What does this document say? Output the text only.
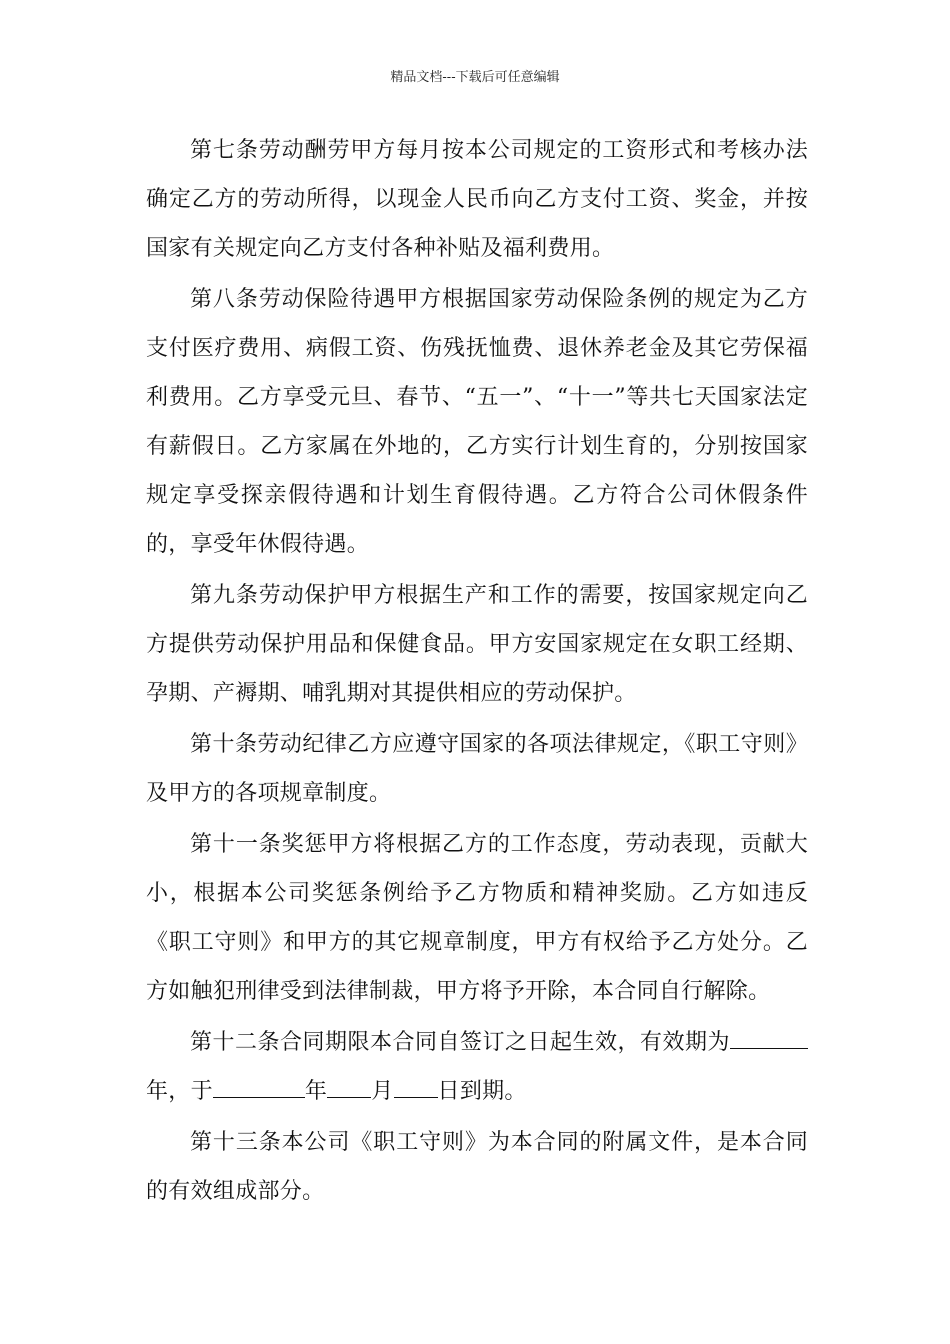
精品文档---下载后可任意编辑

第七条劳动酬劳甲方每月按本公司规定的工资形式和考核办法确定乙方的劳动所得，以现金人民币向乙方支付工资、奖金，并按国家有关规定向乙方支付各种补贴及福利费用。

第八条劳动保险待遇甲方根据国家劳动保险条例的规定为乙方支付医疗费用、病假工资、伤残抚恤费、退休养老金及其它劳保福利费用。乙方享受元旦、春节、“五一”、“十一”等共七天国家法定有薪假日。乙方家属在外地的，乙方实行计划生育的，分别按国家规定享受探亲假待遇和计划生育假待遇。乙方符合公司休假条件的，享受年休假待遇。

第九条劳动保护甲方根据生产和工作的需要，按国家规定向乙方提供劳动保护用品和保健食品。甲方安国家规定在女职工经期、孕期、产褥期、哺乳期对其提供相应的劳动保护。

第十条劳动纪律乙方应遵守国家的各项法律规定，《职工守则》及甲方的各项规章制度。

第十一条奖惩甲方将根据乙方的工作态度，劳动表现，贡献大小，根据本公司奖惩条例给予乙方物质和精神奖励。乙方如违反《职工守则》和甲方的其它规章制度，甲方有权给予乙方处分。乙方如触犯刑律受到法律制裁，甲方将予开除，本合同自行解除。

第十二条合同期限本合同自签订之日起生效，有效期为年，于	年 月 日到期。

第十三条本公司《职工守则》为本合同的附属文件，是本合同的有效组成部分。
